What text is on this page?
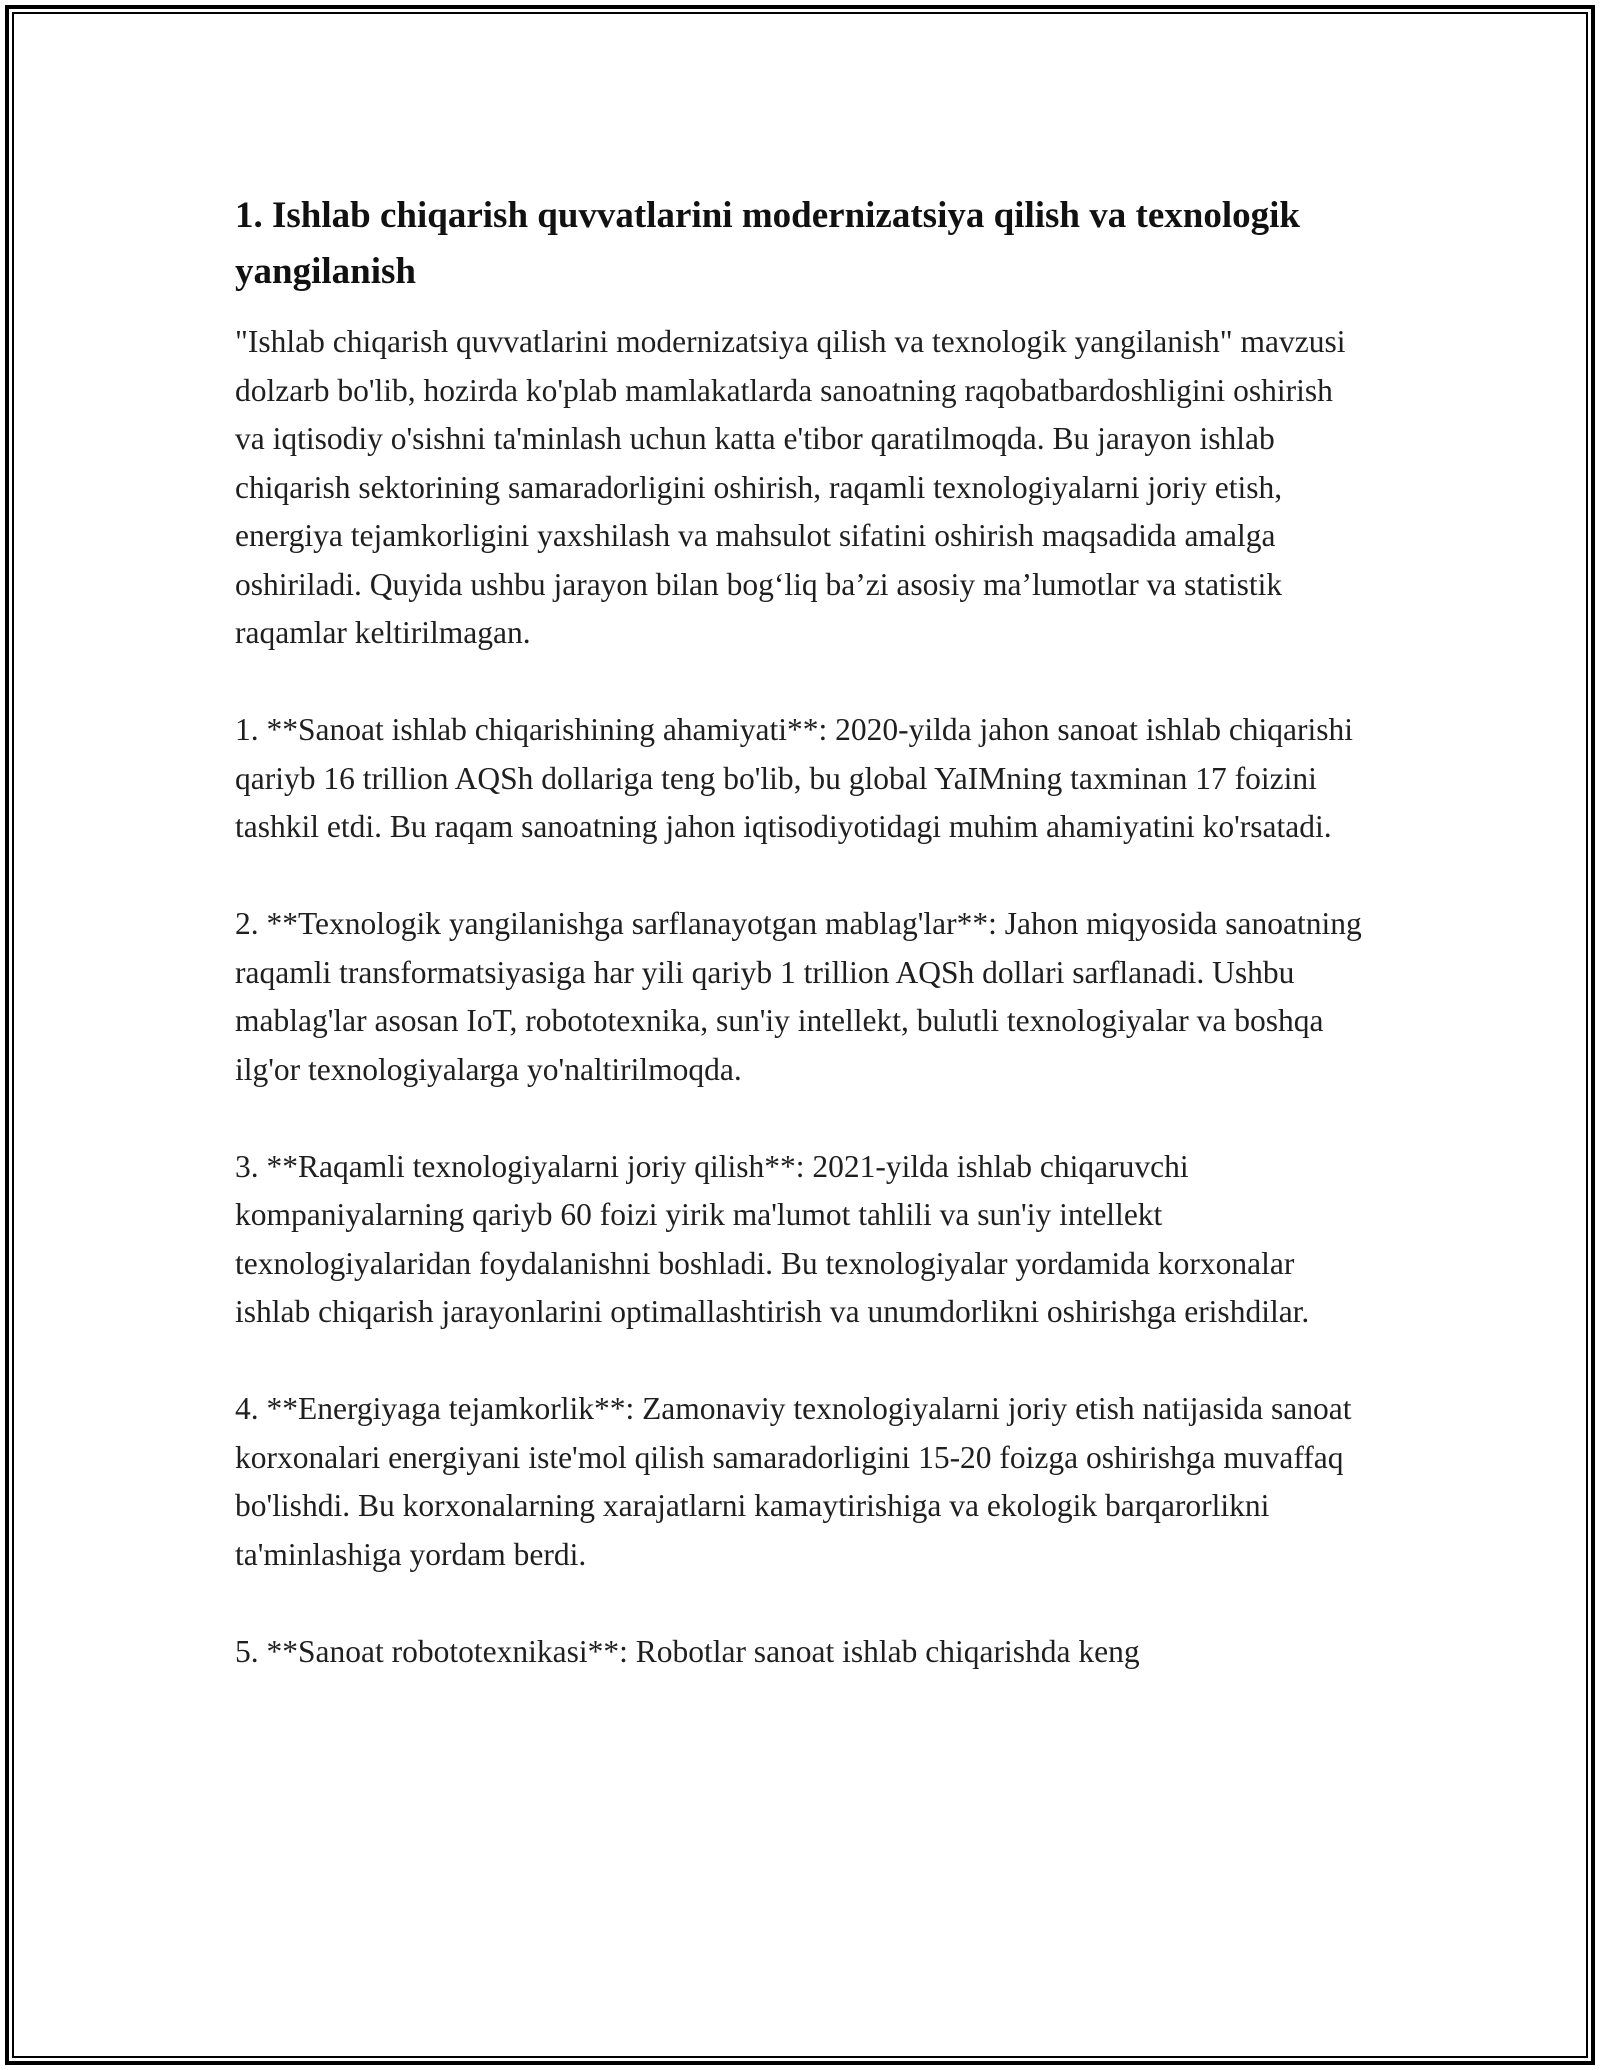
1. Ishlab chiqarish quvvatlarini modernizatsiya qilish va texnologik yangilanish

"Ishlab chiqarish quvvatlarini modernizatsiya qilish va texnologik yangilanish" mavzusi dolzarb bo'lib, hozirda ko'plab mamlakatlarda sanoatning raqobatbardoshligini oshirish va iqtisodiy o'sishni ta'minlash uchun katta e'tibor qaratilmoqda. Bu jarayon ishlab chiqarish sektorining samaradorligini oshirish, raqamli texnologiyalarni joriy etish, energiya tejamkorligini yaxshilash va mahsulot sifatini oshirish maqsadida amalga oshiriladi. Quyida ushbu jarayon bilan bog‘liq ba’zi asosiy ma’lumotlar va statistik raqamlar keltirilmagan.

1. **Sanoat ishlab chiqarishining ahamiyati**: 2020-yilda jahon sanoat ishlab chiqarishi qariyb 16 trillion AQSh dollariga teng bo'lib, bu global YaIMning taxminan 17 foizini tashkil etdi. Bu raqam sanoatning jahon iqtisodiyotidagi muhim ahamiyatini ko'rsatadi.

2. **Texnologik yangilanishga sarflanayotgan mablag'lar**: Jahon miqyosida sanoatning raqamli transformatsiyasiga har yili qariyb 1 trillion AQSh dollari sarflanadi. Ushbu mablag'lar asosan IoT, robototexnika, sun'iy intellekt, bulutli texnologiyalar va boshqa ilg'or texnologiyalarga yo'naltirilmoqda.

3. **Raqamli texnologiyalarni joriy qilish**: 2021-yilda ishlab chiqaruvchi kompaniyalarning qariyb 60 foizi yirik ma'lumot tahlili va sun'iy intellekt texnologiyalaridan foydalanishni boshladi. Bu texnologiyalar yordamida korxonalar ishlab chiqarish jarayonlarini optimallashtirish va unumdorlikni oshirishga erishdilar.

4. **Energiyaga tejamkorlik**: Zamonaviy texnologiyalarni joriy etish natijasida sanoat korxonalari energiyani iste'mol qilish samaradorligini 15-20 foizga oshirishga muvaffaq bo'lishdi. Bu korxonalarning xarajatlarni kamaytirishiga va ekologik barqarorlikni ta'minlashiga yordam berdi.

5. **Sanoat robototexnikasi**: Robotlar sanoat ishlab chiqarishda keng
